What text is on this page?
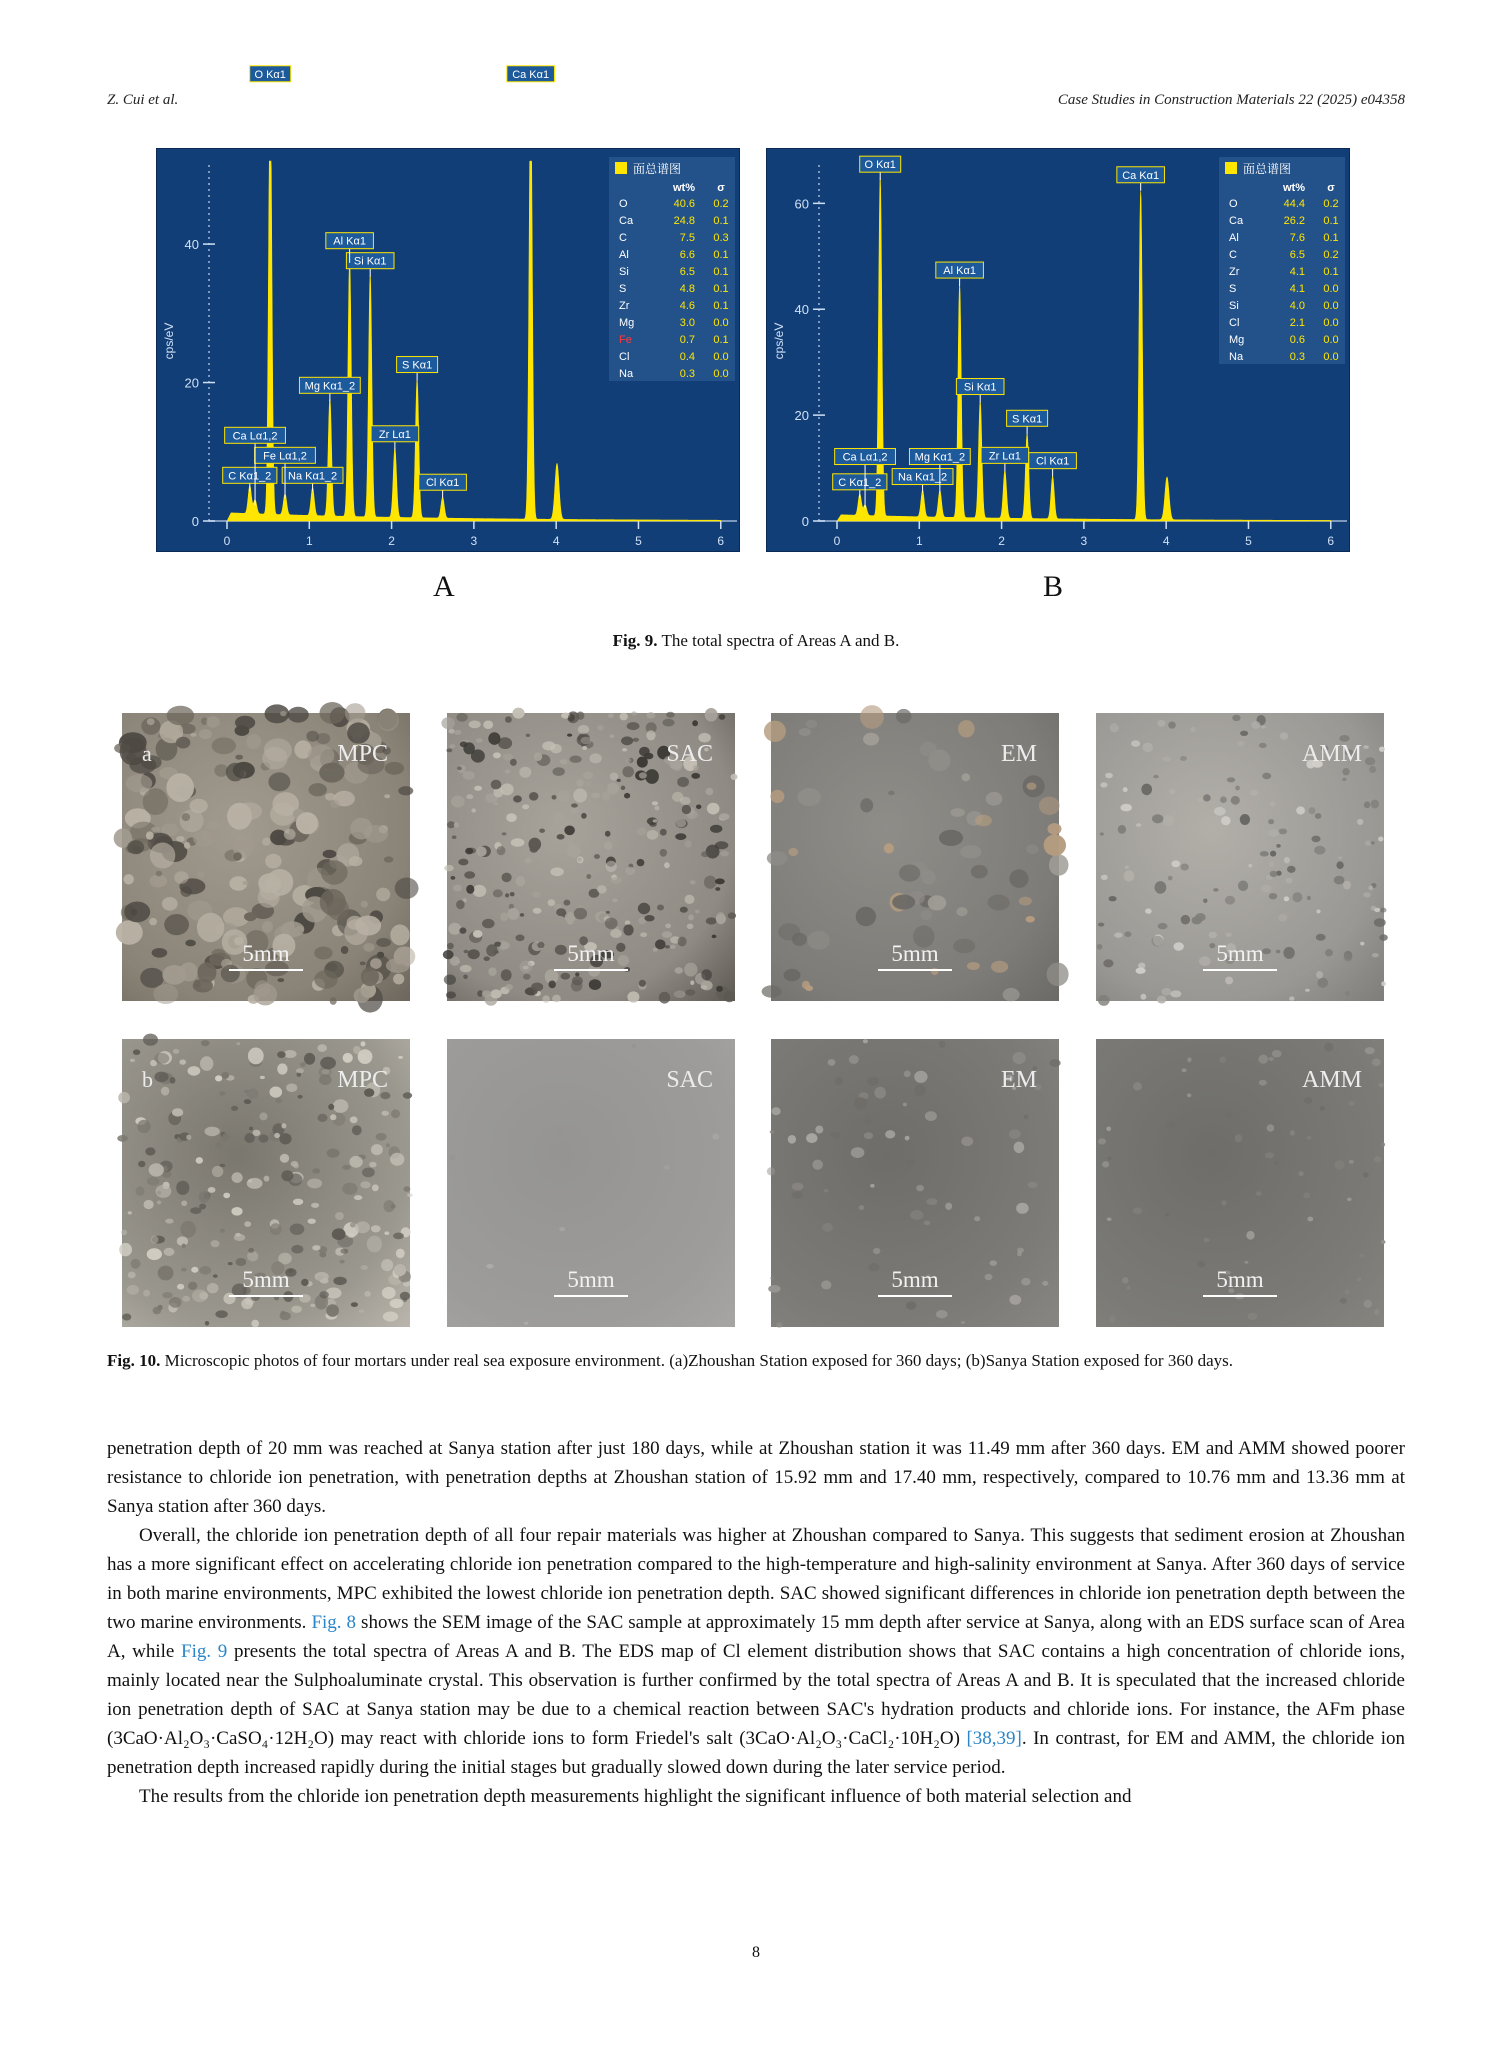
Z. Cui et al.	Case Studies in Construction Materials 22 (2025) e04358
0
20
40
cps/eV
0	1	2	3	4	5	6
O Kα1	Ca Kα1
Si Kα1
Al Kα1
Mg Kα1_2
S Kα1
Zr Lα1
C Kα1_2 Na Kα1_2
Fe Lα1,2
Ca Lα1,2
Cl Kα1
面总谱图
wt% σ
O	40.6 0.2
Ca	24.8 0.1
C	7.5 0.3
Al	6.6 0.1
Si	6.5 0.1
S	4.8 0.1
Zr	4.6 0.1
Mg	3.0 0.0
Fe	0.7 0.1
Cl	0.4 0.0
Na	0.3 0.0
0
20
40
60
cps/eV
0	1	2	3	4	5	6
O Kα1
Ca Kα1
Al Kα1
Si Kα1
S Kα1
Na Kα1_2
Mg Kα1_2 Zr Lα1 Cl Kα1
C Kα1_2
Ca Lα1,2
面总谱图
wt% σ
O	44.4 0.2
Ca	26.2 0.1
Al	7.6 0.1
C	6.5 0.2
Zr	4.1 0.1
S	4.1 0.0
Si	4.0 0.0
Cl	2.1 0.0
Mg	0.6 0.0
Na	0.3 0.0
A	B
Fig. 9. The total spectra of Areas A and B.
a	MPC
5mm
SAC
5mm
EM
5mm
AMM
5mm
b	MPC
5mm
SAC
5mm
EM
5mm
AMM
5mm
Fig. 10. Microscopic photos of four mortars under real sea exposure environment. (a)Zhoushan Station exposed for 360 days; (b)Sanya Station exposed for 360 days.

penetration depth of 20 mm was reached at Sanya station after just 180 days, while at Zhoushan station it was 11.49 mm after 360 days. EM and AMM showed poorer resistance to chloride ion penetration, with penetration depths at Zhoushan station of 15.92 mm and 17.40 mm, respectively, compared to 10.76 mm and 13.36 mm at Sanya station after 360 days.

Overall, the chloride ion penetration depth of all four repair materials was higher at Zhoushan compared to Sanya. This suggests that sediment erosion at Zhoushan has a more significant effect on accelerating chloride ion penetration compared to the high-temperature and high-salinity environment at Sanya. After 360 days of service in both marine environments, MPC exhibited the lowest chloride ion penetration depth. SAC showed significant differences in chloride ion penetration depth between the two marine environments. Fig. 8 shows the SEM image of the SAC sample at approximately 15 mm depth after service at Sanya, along with an EDS surface scan of Area A, while Fig. 9 presents the total spectra of Areas A and B. The EDS map of Cl element distribution shows that SAC contains a high concentration of chloride ions, mainly located near the Sulphoaluminate crystal. This observation is further confirmed by the total spectra of Areas A and B. It is speculated that the increased chloride ion penetration depth of SAC at Sanya station may be due to a chemical reaction between SAC's hydration products and chloride ions. For instance, the AFm phase (3CaO·Al₂O₃·CaSO₄·12H₂O) may react with chloride ions to form Friedel's salt (3CaO·Al₂O₃·CaCl₂·10H₂O) [38,39]. In contrast, for EM and AMM, the chloride ion penetration depth increased rapidly during the initial stages but gradually slowed down during the later service period.

The results from the chloride ion penetration depth measurements highlight the significant influence of both material selection and

8
